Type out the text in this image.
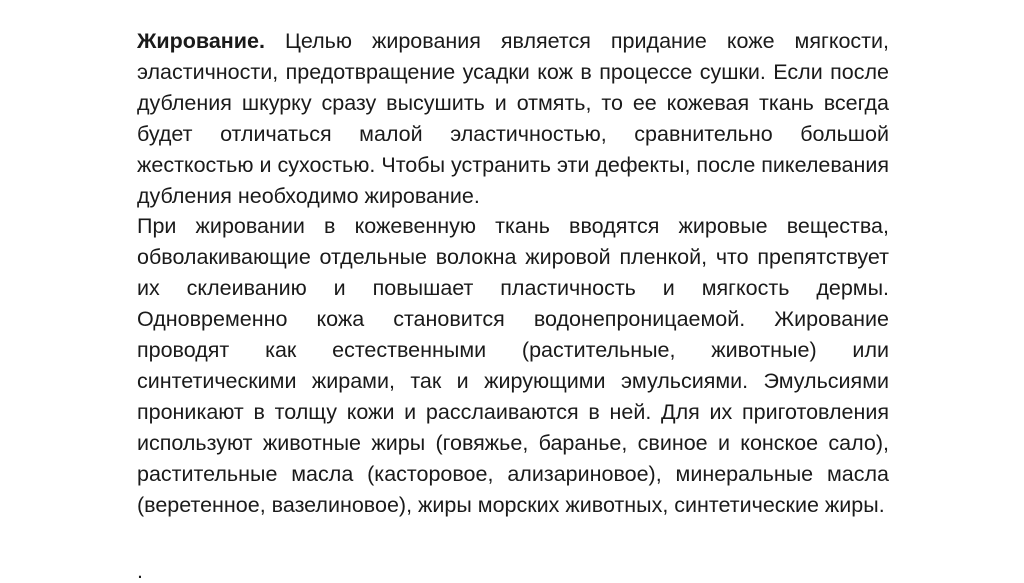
Жирование. Целью жирования является придание коже мягкости, эластичности, предотвращение усадки кож в процессе сушки. Если после дубления шкурку сразу высушить и отмять, то ее кожевая ткань всегда будет отличаться малой эластичностью, сравнительно большой жесткостью и сухостью. Чтобы устранить эти дефекты, после пикелевания дубления необходимо жирование.

При жировании в кожевенную ткань вводятся жировые вещества, обволакивающие отдельные волокна жировой пленкой, что препятствует их склеиванию и повышает пластичность и мягкость дермы. Одновременно кожа становится водонепроницаемой. Жирование проводят как естественными (растительные, животные) или синтетическими жирами, так и жирующими эмульсиями. Эмульсиями проникают в толщу кожи и расслаиваются в ней. Для их приготовления используют животные жиры (говяжье, баранье, свиное и конское сало), растительные масла (касторовое, ализариновое), минеральные масла (веретенное, вазелиновое), жиры морских животных, синтетические жиры.

.
